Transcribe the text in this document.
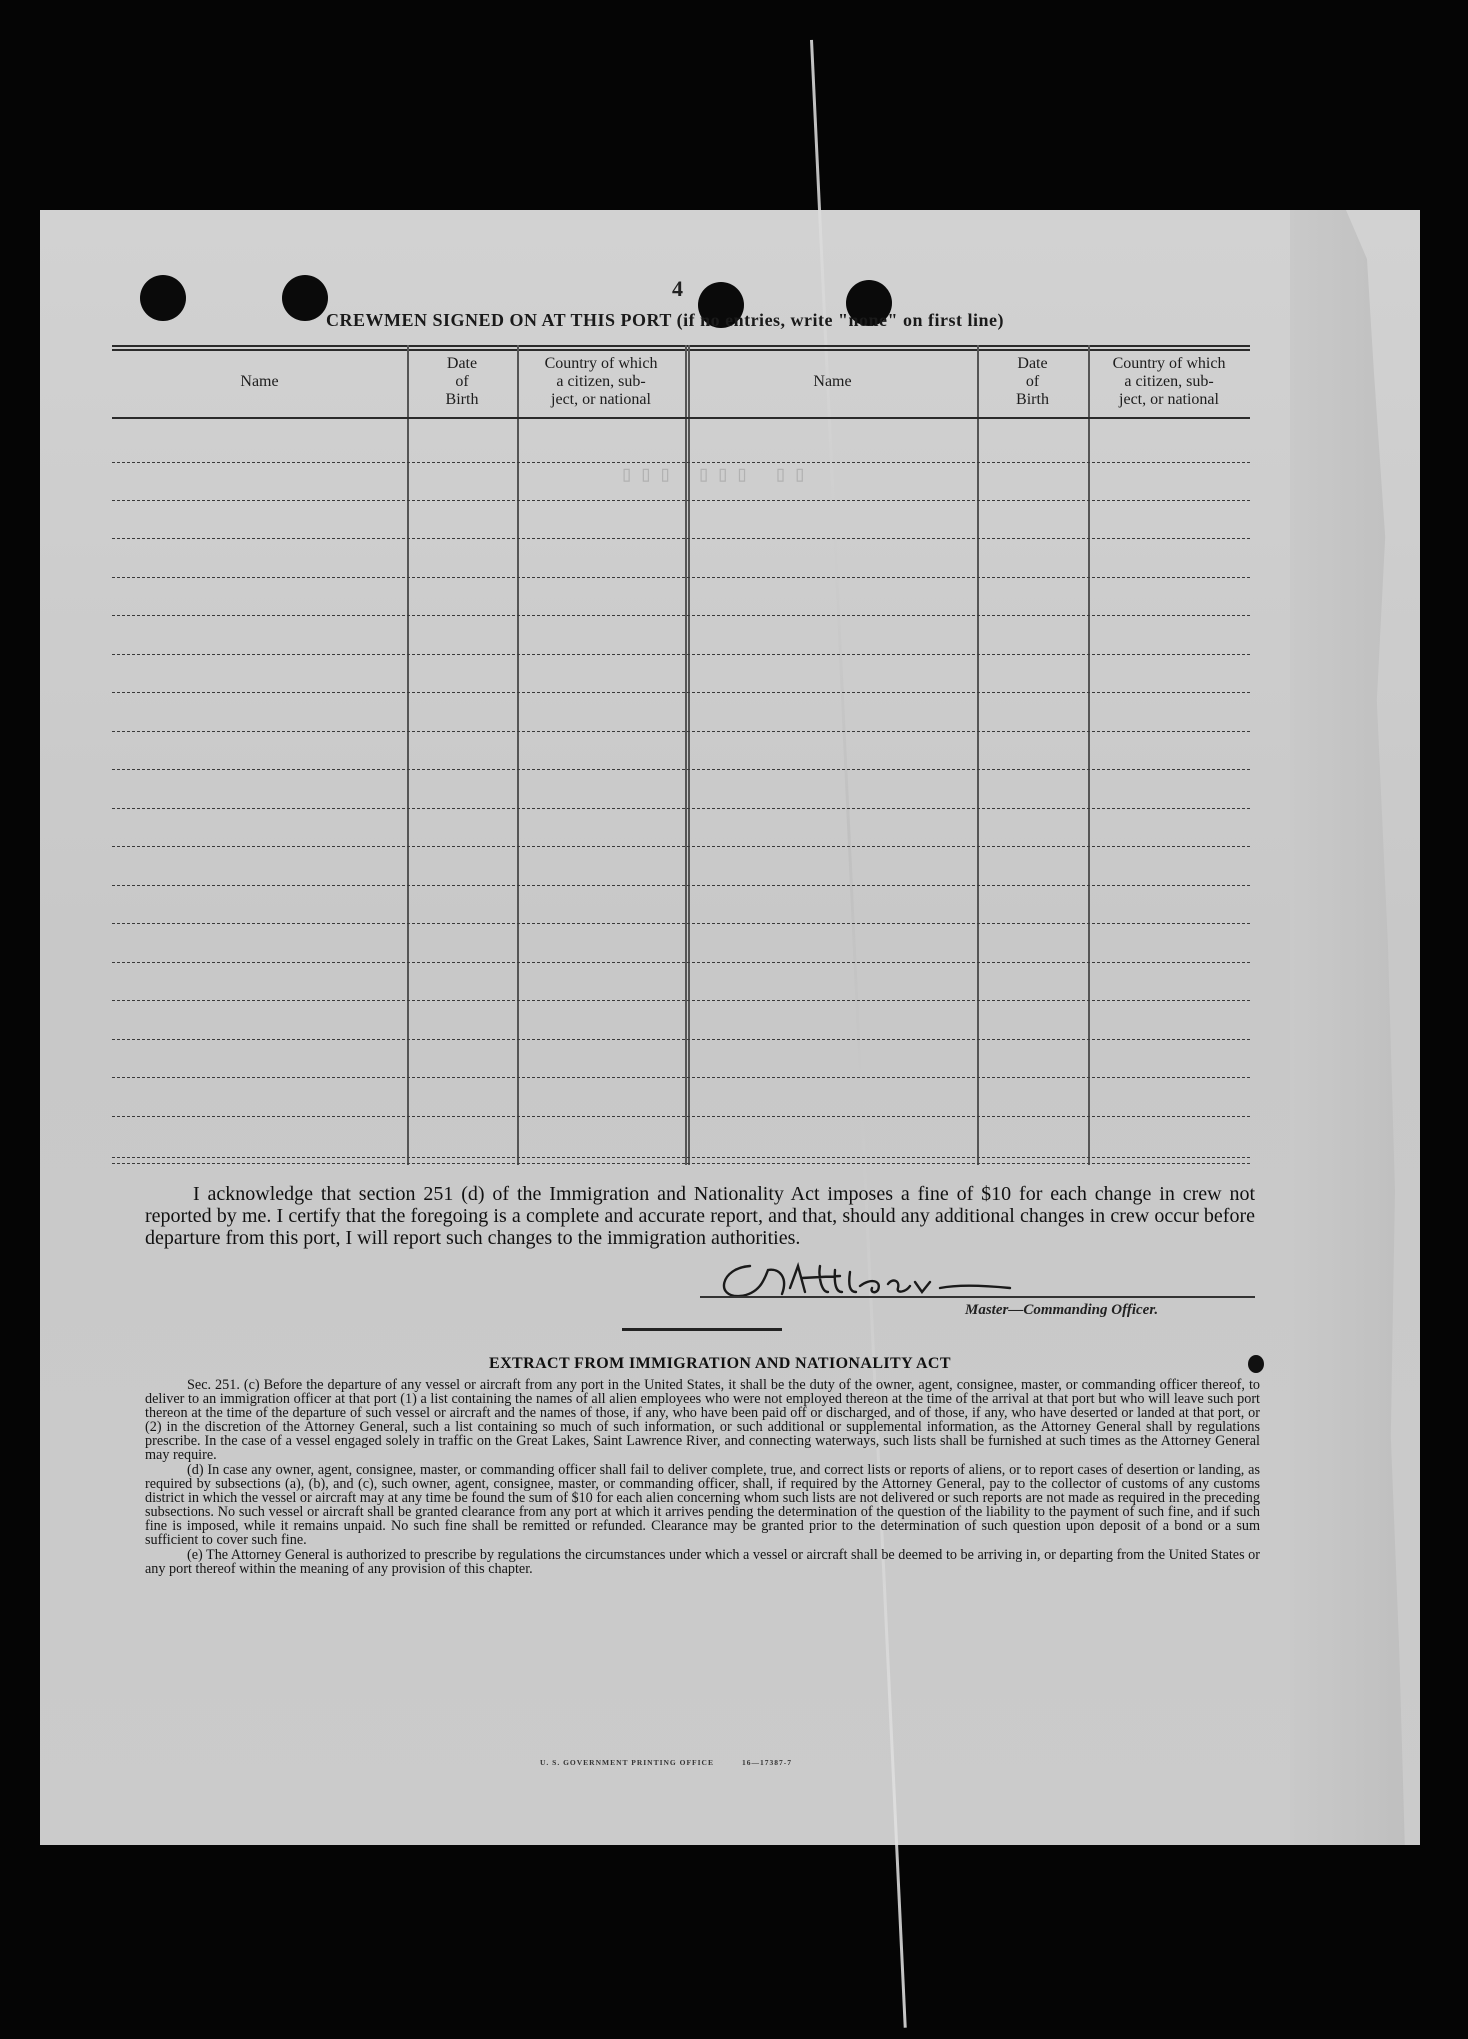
4
CREWMEN SIGNED ON AT THIS PORT (if no entries, write "none" on first line)
Name
Date
of
Birth
Country of which
a citizen, sub-
ject, or national
Name
Date
of
Birth
Country of which
a citizen, sub-
ject, or national
▯▯▯ ▯▯▯ ▯▯

I acknowledge that section 251 (d) of the Immigration and Nationality Act imposes a fine of $10 for each change in crew not reported by me. I certify that the foregoing is a complete and accurate report, and that, should any additional changes in crew occur before departure from this port, I will report such changes to the immigration authorities.

Master—Commanding Officer.
EXTRACT FROM IMMIGRATION AND NATIONALITY ACT

Sec. 251. (c) Before the departure of any vessel or aircraft from any port in the United States, it shall be the duty of the owner, agent, consignee, master, or commanding officer thereof, to deliver to an immigration officer at that port (1) a list containing the names of all alien employees who were not employed thereon at the time of the arrival at that port but who will leave such port thereon at the time of the departure of such vessel or aircraft and the names of those, if any, who have been paid off or discharged, and of those, if any, who have deserted or landed at that port, or (2) in the discretion of the Attorney General, such a list containing so much of such information, or such additional or supplemental information, as the Attorney General shall by regulations prescribe. In the case of a vessel engaged solely in traffic on the Great Lakes, Saint Lawrence River, and connecting waterways, such lists shall be furnished at such times as the Attorney General may require.

(d) In case any owner, agent, consignee, master, or commanding officer shall fail to deliver complete, true, and correct lists or reports of aliens, or to report cases of desertion or landing, as required by subsections (a), (b), and (c), such owner, agent, consignee, master, or commanding officer, shall, if required by the Attorney General, pay to the collector of customs of any customs district in which the vessel or aircraft may at any time be found the sum of $10 for each alien concerning whom such lists are not delivered or such reports are not made as required in the preceding subsections. No such vessel or aircraft shall be granted clearance from any port at which it arrives pending the determination of the question of the liability to the payment of such fine, and if such fine is imposed, while it remains unpaid. No such fine shall be remitted or refunded. Clearance may be granted prior to the determination of such question upon deposit of a bond or a sum sufficient to cover such fine.

(e) The Attorney General is authorized to prescribe by regulations the circumstances under which a vessel or aircraft shall be deemed to be arriving in, or departing from the United States or any port thereof within the meaning of any provision of this chapter.

U. S. GOVERNMENT PRINTING OFFICE	16—17387-7
